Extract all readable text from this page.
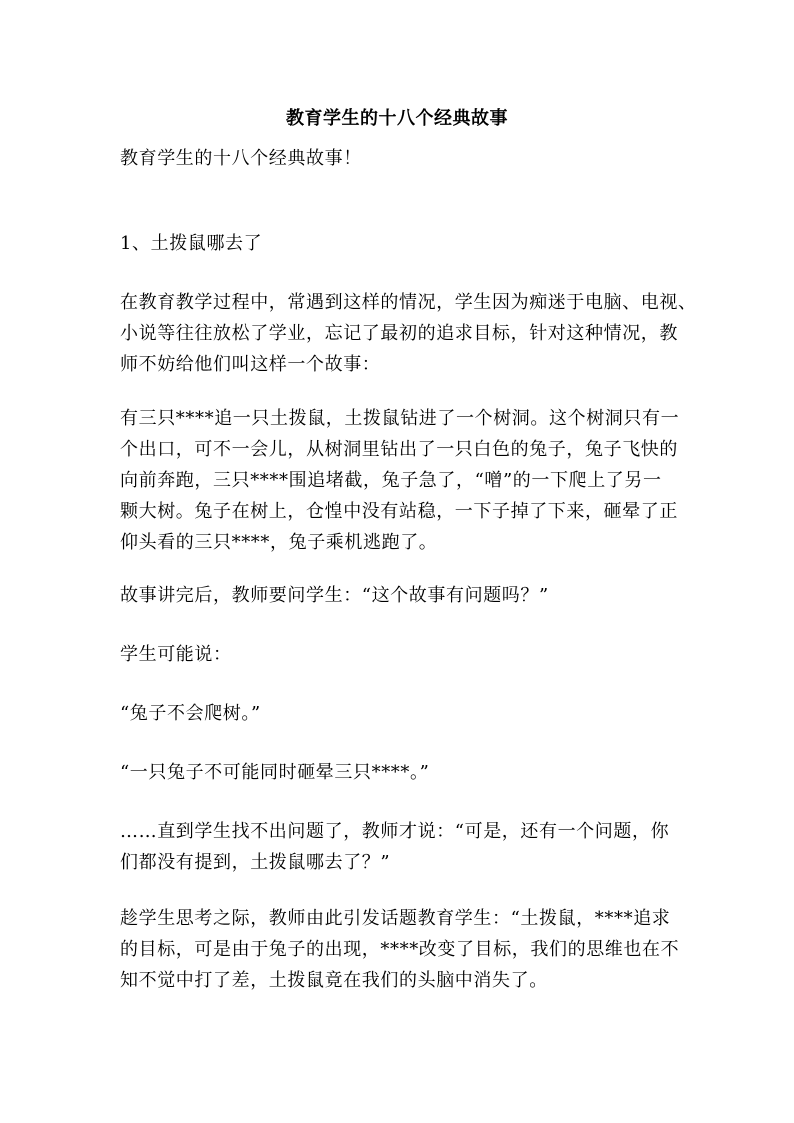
教育学生的十八个经典故事
教育学生的十八个经典故事！
1、土拨鼠哪去了
在教育教学过程中，常遇到这样的情况，学生因为痴迷于电脑、电视、
小说等往往放松了学业，忘记了最初的追求目标，针对这种情况，教
师不妨给他们叫这样一个故事：
有三只****追一只土拨鼠，土拨鼠钻进了一个树洞。这个树洞只有一
个出口，可不一会儿，从树洞里钻出了一只白色的兔子，兔子飞快的
向前奔跑，三只****围追堵截，兔子急了，“噌”的一下爬上了另一
颗大树。兔子在树上，仓惶中没有站稳，一下子掉了下来，砸晕了正
仰头看的三只****，兔子乘机逃跑了。
故事讲完后，教师要问学生：“这个故事有问题吗？”
学生可能说：
“兔子不会爬树。”
“一只兔子不可能同时砸晕三只****。”
……直到学生找不出问题了，教师才说：“可是，还有一个问题，你
们都没有提到，土拨鼠哪去了？”
趁学生思考之际，教师由此引发话题教育学生：“土拨鼠，****追求
的目标，可是由于兔子的出现，****改变了目标，我们的思维也在不
知不觉中打了差，土拨鼠竟在我们的头脑中消失了。
